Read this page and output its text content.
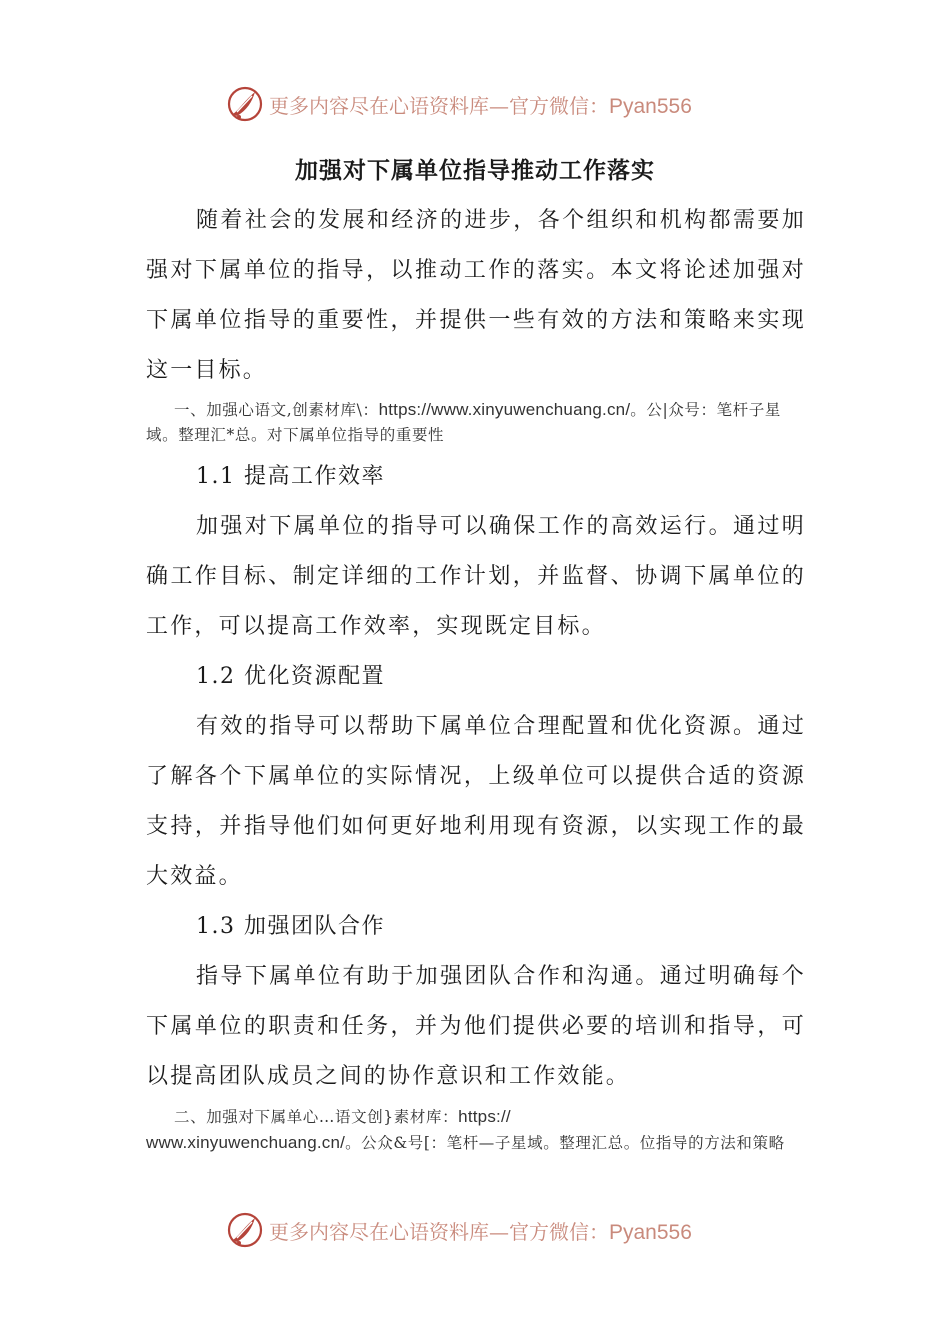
更多内容尽在心语资料库—官方微信：Pyan556
加强对下属单位指导推动工作落实

随着社会的发展和经济的进步，各个组织和机构都需要加强对下属单位的指导，以推动工作的落实。本文将论述加强对下属单位指导的重要性，并提供一些有效的方法和策略来实现这一目标。

一、加强心语文,创素材库\：https://www.xinyuwenchuang.cn/。公|众号：笔杆子星域。整理汇*总。对下属单位指导的重要性

1.1 提高工作效率

加强对下属单位的指导可以确保工作的高效运行。通过明确工作目标、制定详细的工作计划，并监督、协调下属单位的工作，可以提高工作效率，实现既定目标。

1.2 优化资源配置

有效的指导可以帮助下属单位合理配置和优化资源。通过了解各个下属单位的实际情况，上级单位可以提供合适的资源支持，并指导他们如何更好地利用现有资源，以实现工作的最大效益。

1.3 加强团队合作

指导下属单位有助于加强团队合作和沟通。通过明确每个下属单位的职责和任务，并为他们提供必要的培训和指导，可以提高团队成员之间的协作意识和工作效能。

二、加强对下属单心…语文创}素材库：https://
www.xinyuwenchuang.cn/。公众&号[：笔杆—子星域。整理汇总。位指导的方法和策略

更多内容尽在心语资料库—官方微信：Pyan556
